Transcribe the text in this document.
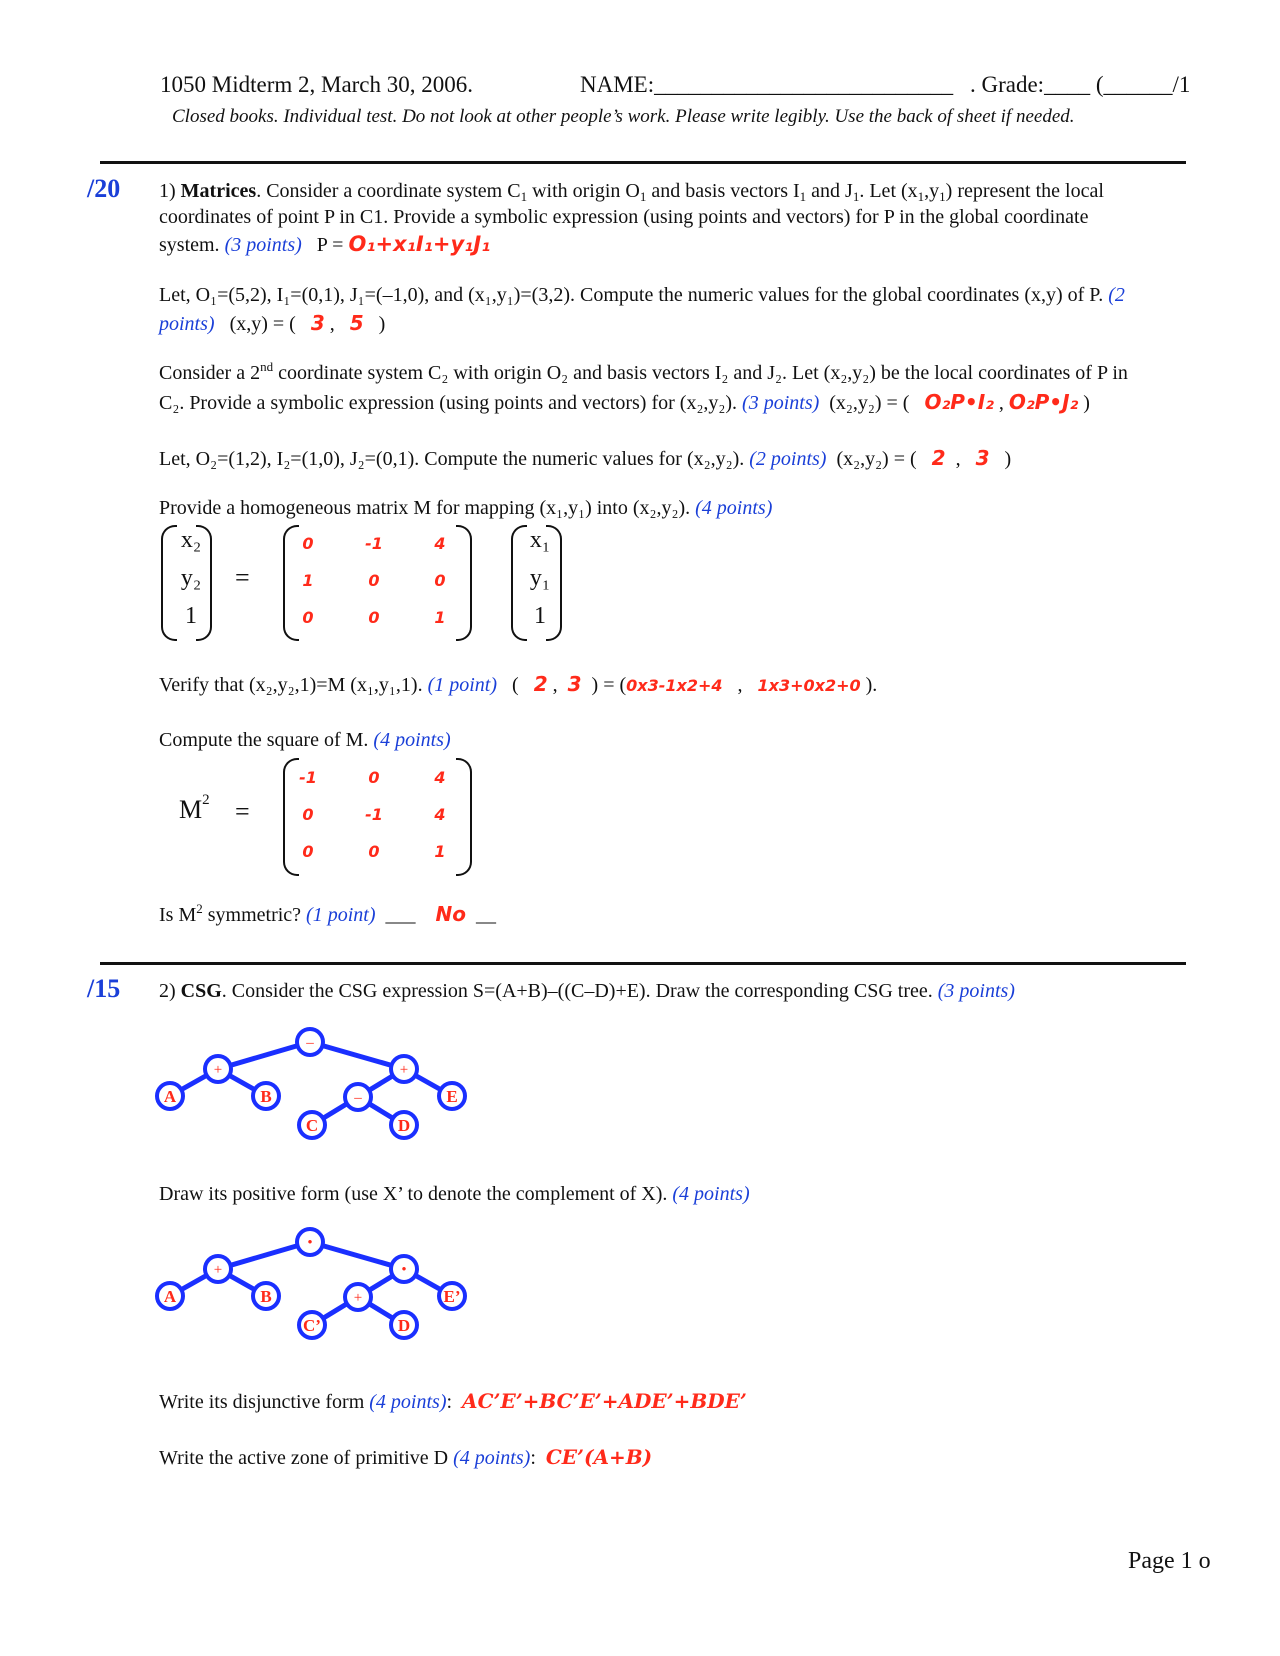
1050 Midterm 2, March 30, 2006.	NAME:__________________________ . Grade:____ (______/1
Closed books. Individual test. Do not look at other people’s work. Please write legibly. Use the back of sheet if needed.
/20 1) Matrices. Consider a coordinate system $C_1$ with origin $O_1$ and basis vectors $I_1$ and $J_1$. Let $(x_1,y_1)$ represent the local
coordinates of point P in C1. Provide a symbolic expression (using points and vectors) for P in the global coordinate
system. (3 points) P = O₁+x₁I₁+y₁J₁
Let, O₁=(5,2), I₁=(0,1), J₁=(–1,0), and (x₁,y₁)=(3,2). Compute the numeric values for the global coordinates (x,y) of P. (2
points) (x,y) = ( 3 , 5 )
Consider a 2nd coordinate system C₂ with origin O₂ and basis vectors I₂ and J₂. Let (x₂,y₂) be the local coordinates of P in
C₂. Provide a symbolic expression (using points and vectors) for (x₂,y₂). (3 points) (x₂,y₂) = ( O₂P•I₂ , O₂P•J₂ )
Let, O₂=(1,2), I₂=(1,0), J₂=(0,1). Compute the numeric values for (x₂,y₂). (2 points) (x₂,y₂) = ( 2 , 3 )
Provide a homogeneous matrix M for mapping (x₁,y₁) into (x₂,y₂). (4 points)
x₂
y₂
1
=
0	-1	4
1	0	0
0	0	1
x₁
y₁
1
Verify that (x₂,y₂,1)=M (x₁,y₁,1). (1 point) ( 2 , 3 ) = (0x3-1x2+4 , 1x3+0x2+0 ).
Compute the square of M. (4 points)
$M^2$ =
-1	0	4
0	-1	4
0	0	1
Is $M^2$ symmetric? (1 point) ___ No __
/15 2) CSG. Consider the CSG expression S=(A+B)–((C–D)+E). Draw the corresponding CSG tree. (3 points)
–
+	+
–
A	B
C	D
E
•
+	•
+
A	B
C’	D
E’
Draw its positive form (use X’ to denote the complement of X). (4 points)
Write its disjunctive form (4 points): AC’E’+BC’E’+ADE’+BDE’
Write the active zone of primitive D (4 points): CE’(A+B)
Page 1 o
